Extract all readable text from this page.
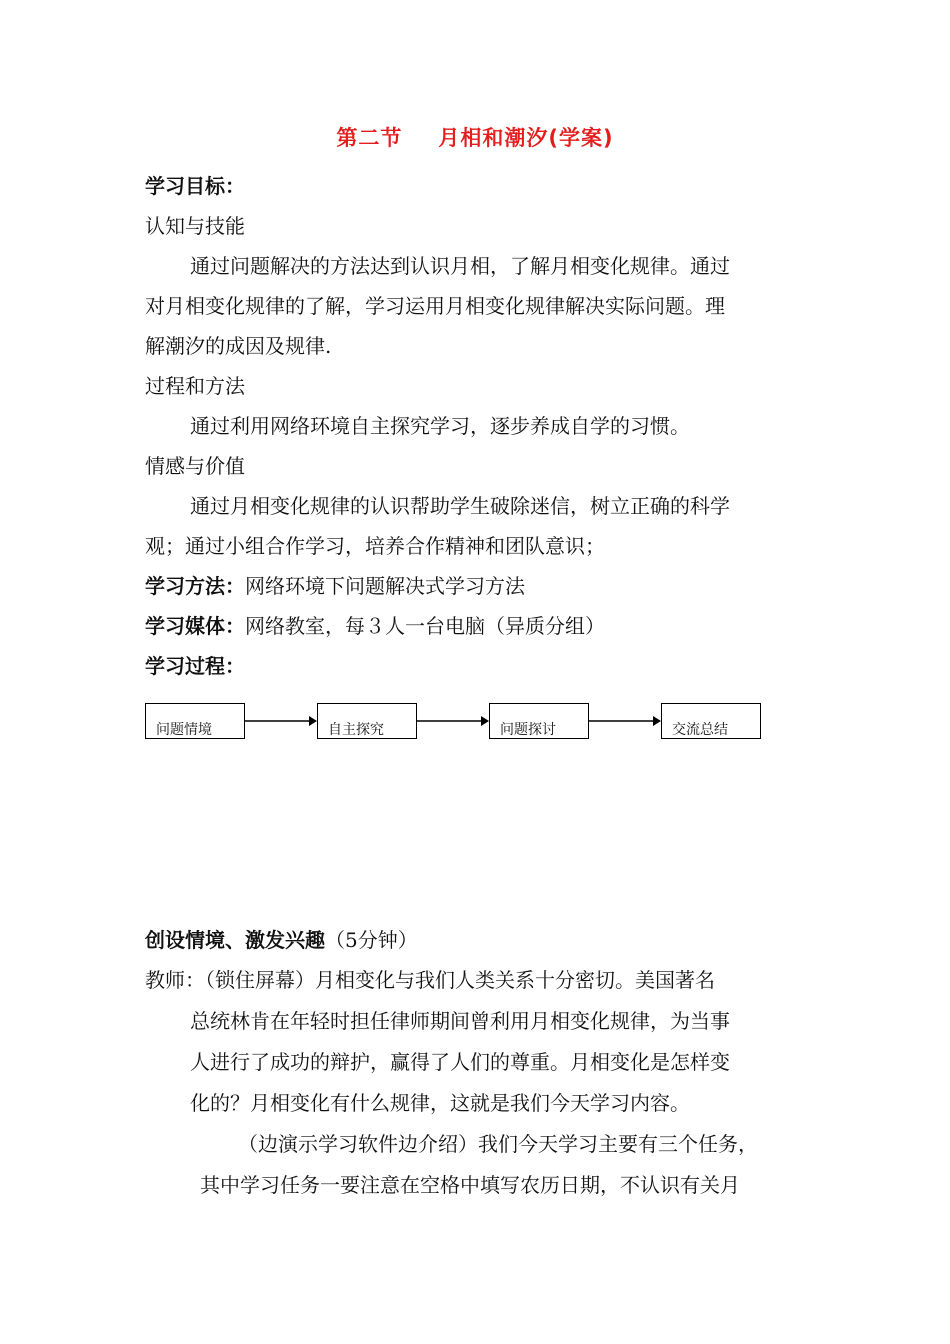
第二节 月相和潮汐(学案)
学习目标：
认知与技能
通过问题解决的方法达到认识月相，了解月相变化规律。通过
对月相变化规律的了解，学习运用月相变化规律解决实际问题。理
解潮汐的成因及规律.
过程和方法
通过利用网络环境自主探究学习，逐步养成自学的习惯。
情感与价值
通过月相变化规律的认识帮助学生破除迷信，树立正确的科学
观；通过小组合作学习，培养合作精神和团队意识；
学习方法：网络环境下问题解决式学习方法
学习媒体：网络教室，每３人一台电脑（异质分组）
学习过程：
问题情境	自主探究	问题探讨	交流总结
创设情境、激发兴趣（5分钟）
教师：（锁住屏幕）月相变化与我们人类关系十分密切。美国著名
总统林肯在年轻时担任律师期间曾利用月相变化规律，为当事
人进行了成功的辩护，赢得了人们的尊重。月相变化是怎样变
化的？月相变化有什么规律，这就是我们今天学习内容。
（边演示学习软件边介绍）我们今天学习主要有三个任务，
其中学习任务一要注意在空格中填写农历日期，不认识有关月
